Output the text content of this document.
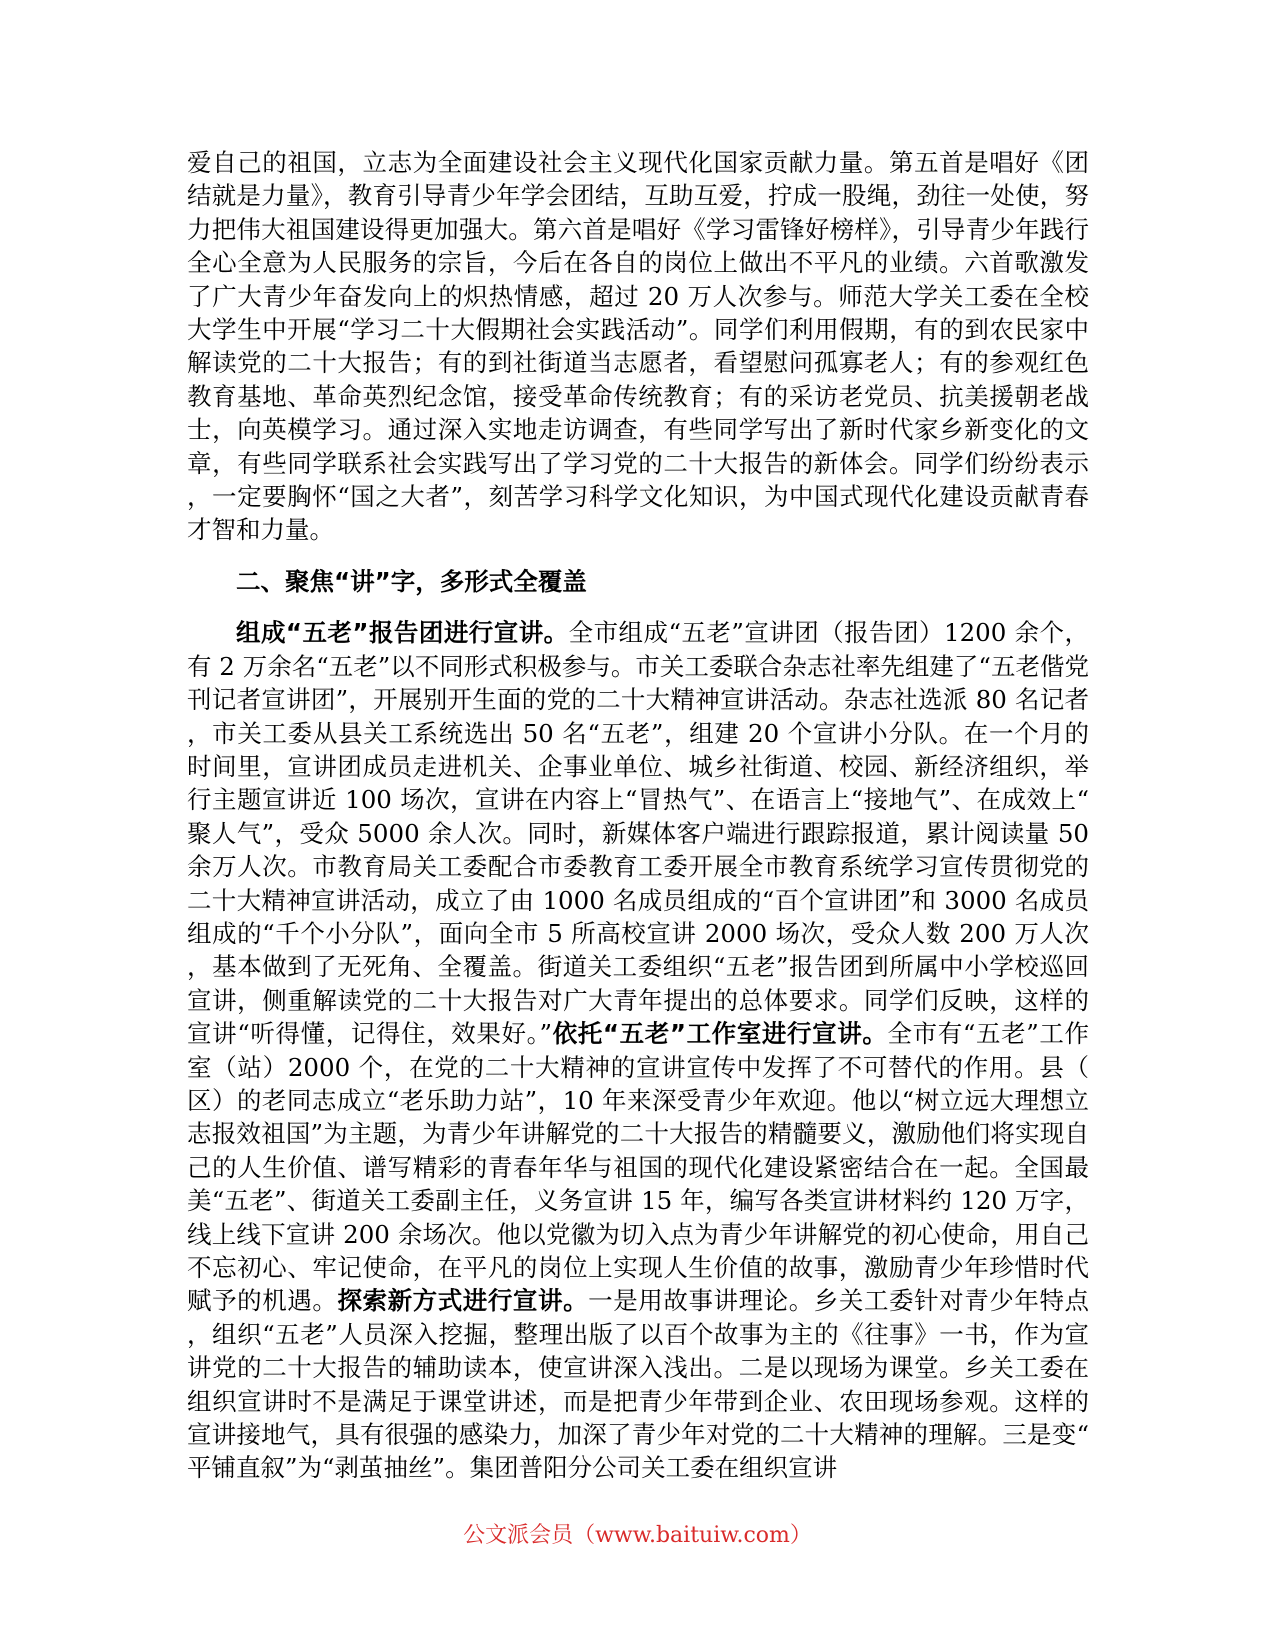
爱自己的祖国，立志为全面建设社会主义现代化国家贡献力量。第五首是唱好《团结就是力量》，教育引导青少年学会团结，互助互爱，拧成一股绳，劲往一处使，努力把伟大祖国建设得更加强大。第六首是唱好《学习雷锋好榜样》，引导青少年践行全心全意为人民服务的宗旨，今后在各自的岗位上做出不平凡的业绩。六首歌激发了广大青少年奋发向上的炽热情感，超过 20 万人次参与。师范大学关工委在全校大学生中开展“学习二十大假期社会实践活动”。同学们利用假期，有的到农民家中解读党的二十大报告；有的到社街道当志愿者，看望慰问孤寡老人；有的参观红色教育基地、革命英烈纪念馆，接受革命传统教育；有的采访老党员、抗美援朝老战士，向英模学习。通过深入实地走访调查，有些同学写出了新时代家乡新变化的文章，有些同学联系社会实践写出了学习党的二十大报告的新体会。同学们纷纷表示，一定要胸怀“国之大者”，刻苦学习科学文化知识，为中国式现代化建设贡献青春才智和力量。

二、聚焦“讲”字，多形式全覆盖

组成“五老”报告团进行宣讲。全市组成“五老”宣讲团（报告团）1200 余个，有 2 万余名“五老”以不同形式积极参与。市关工委联合杂志社率先组建了“五老偕党刊记者宣讲团”，开展别开生面的党的二十大精神宣讲活动。杂志社选派 80 名记者，市关工委从县关工系统选出 50 名“五老”，组建 20 个宣讲小分队。在一个月的时间里，宣讲团成员走进机关、企事业单位、城乡社街道、校园、新经济组织，举行主题宣讲近 100 场次，宣讲在内容上“冒热气”、在语言上“接地气”、在成效上“聚人气”，受众 5000 余人次。同时，新媒体客户端进行跟踪报道，累计阅读量 50 余万人次。市教育局关工委配合市委教育工委开展全市教育系统学习宣传贯彻党的二十大精神宣讲活动，成立了由 1000 名成员组成的“百个宣讲团”和 3000 名成员组成的“千个小分队”，面向全市 5 所高校宣讲 2000 场次，受众人数 200 万人次，基本做到了无死角、全覆盖。街道关工委组织“五老”报告团到所属中小学校巡回宣讲，侧重解读党的二十大报告对广大青年提出的总体要求。同学们反映，这样的宣讲“听得懂，记得住，效果好。”依托“五老”工作室进行宣讲。全市有“五老”工作室（站）2000 个，在党的二十大精神的宣讲宣传中发挥了不可替代的作用。县（区）的老同志成立“老乐助力站”，10 年来深受青少年欢迎。他以“树立远大理想立志报效祖国”为主题，为青少年讲解党的二十大报告的精髓要义，激励他们将实现自己的人生价值、谱写精彩的青春年华与祖国的现代化建设紧密结合在一起。全国最美“五老”、街道关工委副主任，义务宣讲 15 年，编写各类宣讲材料约 120 万字，线上线下宣讲 200 余场次。他以党徽为切入点为青少年讲解党的初心使命，用自己不忘初心、牢记使命，在平凡的岗位上实现人生价值的故事，激励青少年珍惜时代赋予的机遇。探索新方式进行宣讲。一是用故事讲理论。乡关工委针对青少年特点，组织“五老”人员深入挖掘，整理出版了以百个故事为主的《往事》一书，作为宣讲党的二十大报告的辅助读本，使宣讲深入浅出。二是以现场为课堂。乡关工委在组织宣讲时不是满足于课堂讲述，而是把青少年带到企业、农田现场参观。这样的宣讲接地气，具有很强的感染力，加深了青少年对党的二十大精神的理解。三是变“平铺直叙”为“剥茧抽丝”。集团普阳分公司关工委在组织宣讲

公文派会员（www.baituiw.com）
